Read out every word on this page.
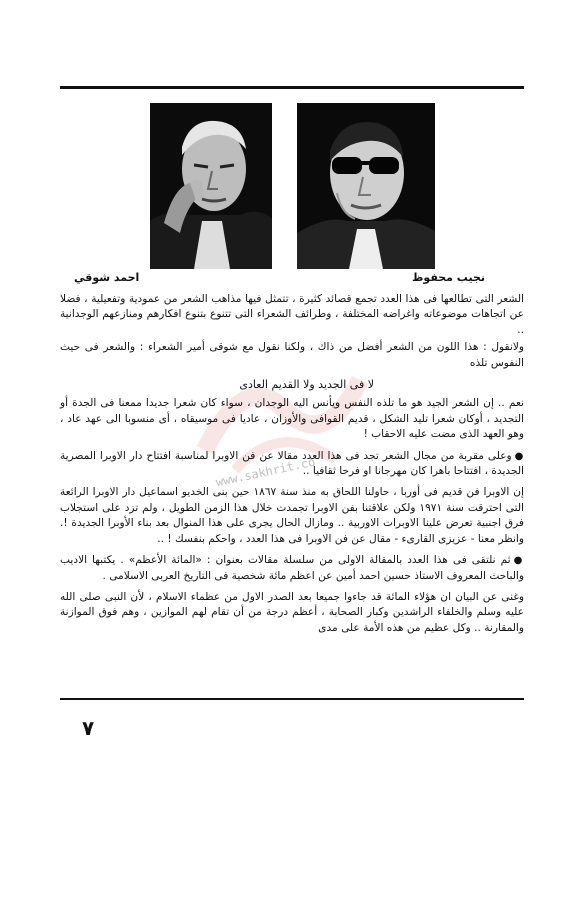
نجيب محفوظ
احمد شوقي
www.sakhrit.co

الشعر التى تطالعها فى هذا العدد تجمع قصائد كثيرة ، تتمثل فيها مذاهب الشعر من عمودية وتفعيلية ، فضلا عن اتجاهات موضوعاته واغراضه المختلفة ، وطرائف الشعراء التى تتنوع بتنوع افكارهم ومنازعهم الوجدانية ..

ولانقول : هذا اللون من الشعر أفضل من ذاك ، ولكنا نقول مع شوقى أمير الشعراء : والشعر فى حيث النفوس تلذه

لا فى الجديد ولا القديم العادى

نعم .. إن الشعر الجيد هو ما تلذه النفس ويأنس اليه الوجدان ، سواء كان شعرا جديدا ممعنا فى الجدة أو التجديد ، أوكان شعرا تليد الشكل ، قديم القوافى والأوزان ، عاديا فى موسيقاه ، أى منسوبا الى عهد عاد ، وهو العهد الذى مضت عليه الاحقاب !

●وعلى مقربة من مجال الشعر تجد فى هذا العدد مقالا عن فن الاوبرا لمناسبة افتتاح دار الاوبرا المصرية الجديدة ، افتتاحا باهرا كان مهرجانا او فرحا ثقافيا ..

إن الاوبرا فن قديم فى أوربا ، حاولنا اللحاق به منذ سنة ١٨٦٧ حين بنى الخديو اسماعيل دار الاوبرا الرائعة التى احترقت سنة ١٩٧١ ولكن علاقتنا بفن الاوبرا تجمدت خلال هذا الزمن الطويل ، ولم تزد على استجلاب فرق اجنبية تعرض علينا الاوبرات الاوربية .. ومازال الحال يجرى على هذا المنوال بعد بناء الأوبرا الجديدة !. وانظر معنا - عزيزى القارىء - مقال عن فن الاوبرا فى هذا العدد ، واحكم بنفسك ! ..

●ثم نلتقى فى هذا العدد بالمقالة الاولى من سلسلة مقالات بعنوان : «المائة الأعظم» . يكتبها الاديب والباحث المعروف الاستاذ حسين احمد أمين عن اعظم مائة شخصية فى التاريخ العربى الاسلامى .

وغنى عن البيان ان هؤلاء المائة قد جاءوا جميعا بعد الصدر الاول من عظماء الاسلام ، لأن النبى صلى الله عليه وسلم والخلفاء الراشدين وكبار الصحابة ، أعظم درجة من أن تقام لهم الموازين ، وهم فوق الموازنة والمقارنة .. وكل عظيم من هذه الأمة على مدى

٧
